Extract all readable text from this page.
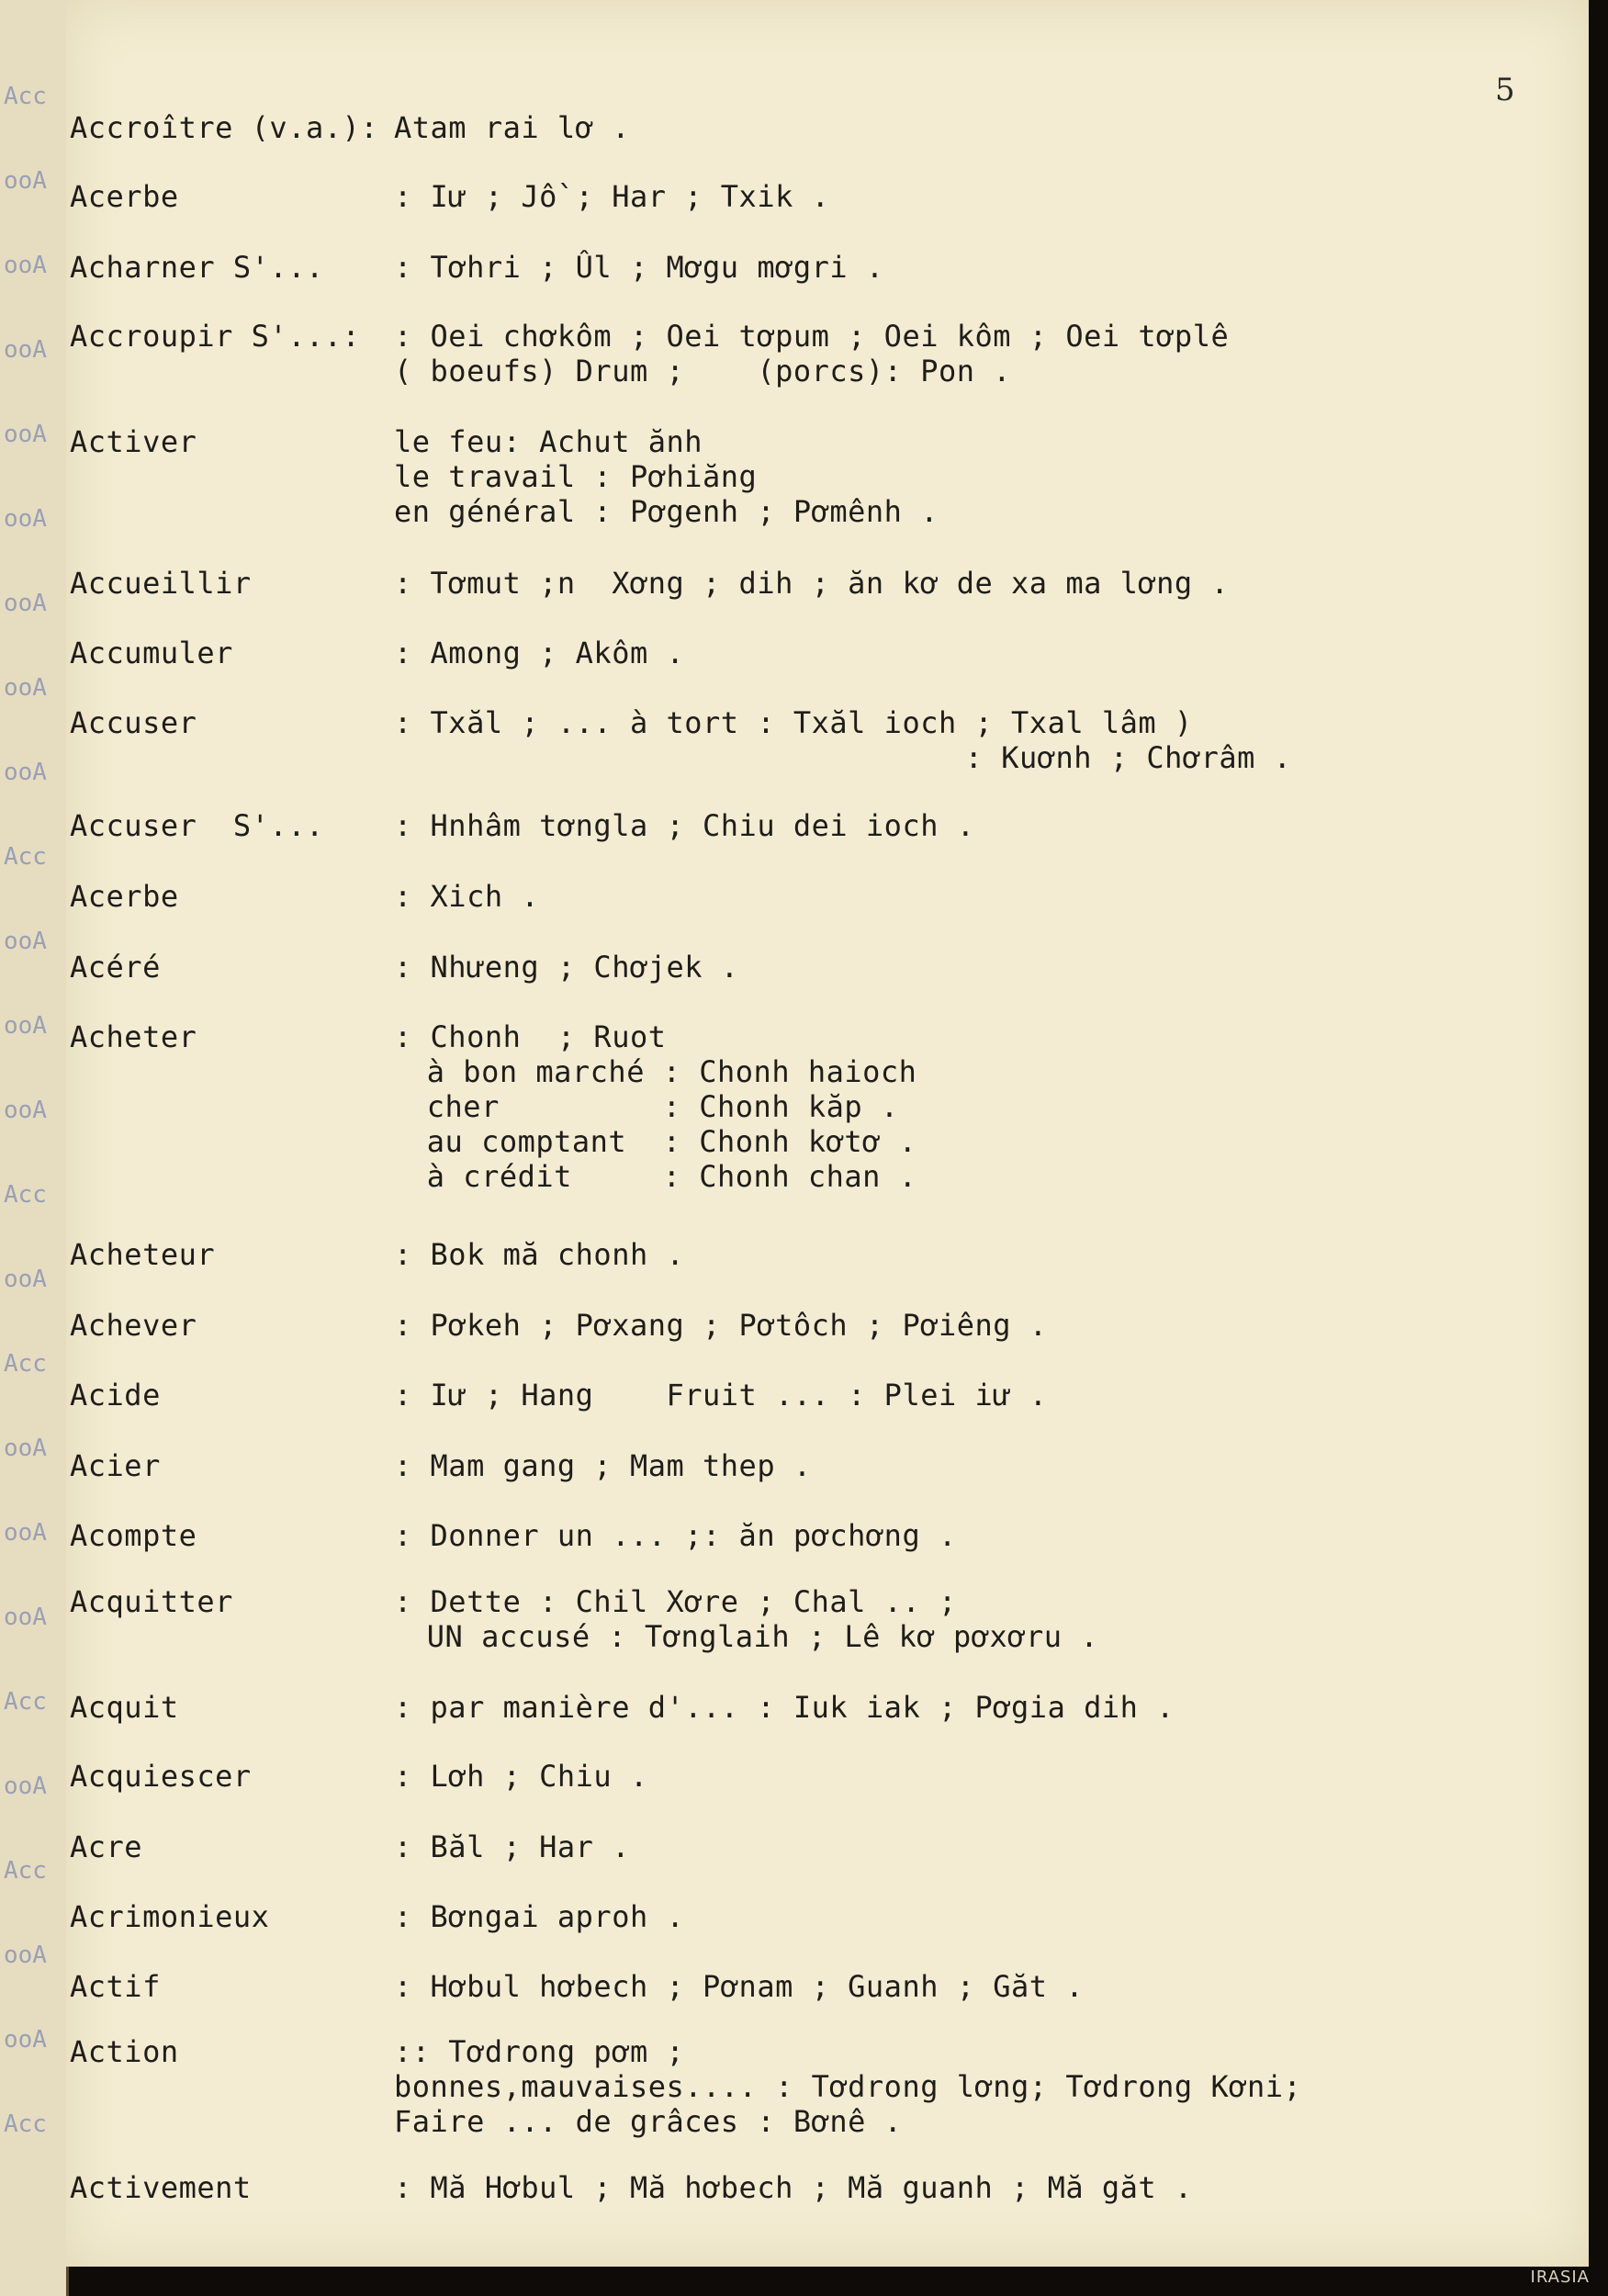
Acc
ooA
ooA
ooA
ooA
ooA
ooA
ooA
ooA
Acc
ooA
ooA
ooA
Acc
ooA
Acc
ooA
ooA
ooA
Acc
ooA
Acc
ooA
ooA
Acc
5
Accroître (v.a.): Atam rai lơ .
Acerbe	: Iư ; Jồ ; Har ; Txik .
Acharner S'... : Tơhri ; Ûl ; Mơgu mơgri .
Accroupir S'...: : Oei chơkôm ; Oei tơpum ; Oei kôm ; Oei tơplê
( boeufs) Drum ;    (porcs): Pon .
Activer	le feu: Achut ănh
le travail : Pơhiăng
en général : Pơgenh ; Pơmênh .
Accueillir	: Tơmut ;n  Xơng ; dih ; ăn kơ de xa ma lơng .
Accumuler	: Among ; Akôm .
Accuser	: Txăl ; ... à tort : Txăl ioch ; Txal lâm )
: Kuơnh ; Chơrâm .
Accuser  S'... : Hnhâm tơngla ; Chiu dei ioch .
Acerbe	: Xich .
Acéré	: Nhưeng ; Chơjek .
Acheter	: Chonh  ; Ruot
à bon marché : Chonh haioch
cher         : Chonh kăp .
au comptant  : Chonh kơtơ .
à crédit     : Chonh chan .
Acheteur	: Bok mă chonh .
Achever	: Pơkeh ; Pơxang ; Pơtôch ; Pơiêng .
Acide	: Iư ; Hang    Fruit ... : Plei iư .
Acier	: Mam gang ; Mam thep .
Acompte	: Donner un ... ;: ăn pơchơng .
Acquitter	: Dette : Chil Xơre ; Chal .. ;
UN accusé : Tơnglaih ; Lê kơ pơxơru .
Acquit	: par manière d'... : Iuk iak ; Pơgia dih .
Acquiescer	: Lơh ; Chiu .
Acre	: Băl ; Har .
Acrimonieux	: Bơngai aproh .
Actif	: Hơbul hơbech ; Pơnam ; Guanh ; Găt .
Action	:: Tơdrong pơm ;
bonnes,mauvaises.... : Tơdrong lơng; Tơdrong Kơni;
Faire ... de grâces : Bơnê .
Activement	: Mă Hơbul ; Mă hơbech ; Mă guanh ; Mă găt .
IRASIA
